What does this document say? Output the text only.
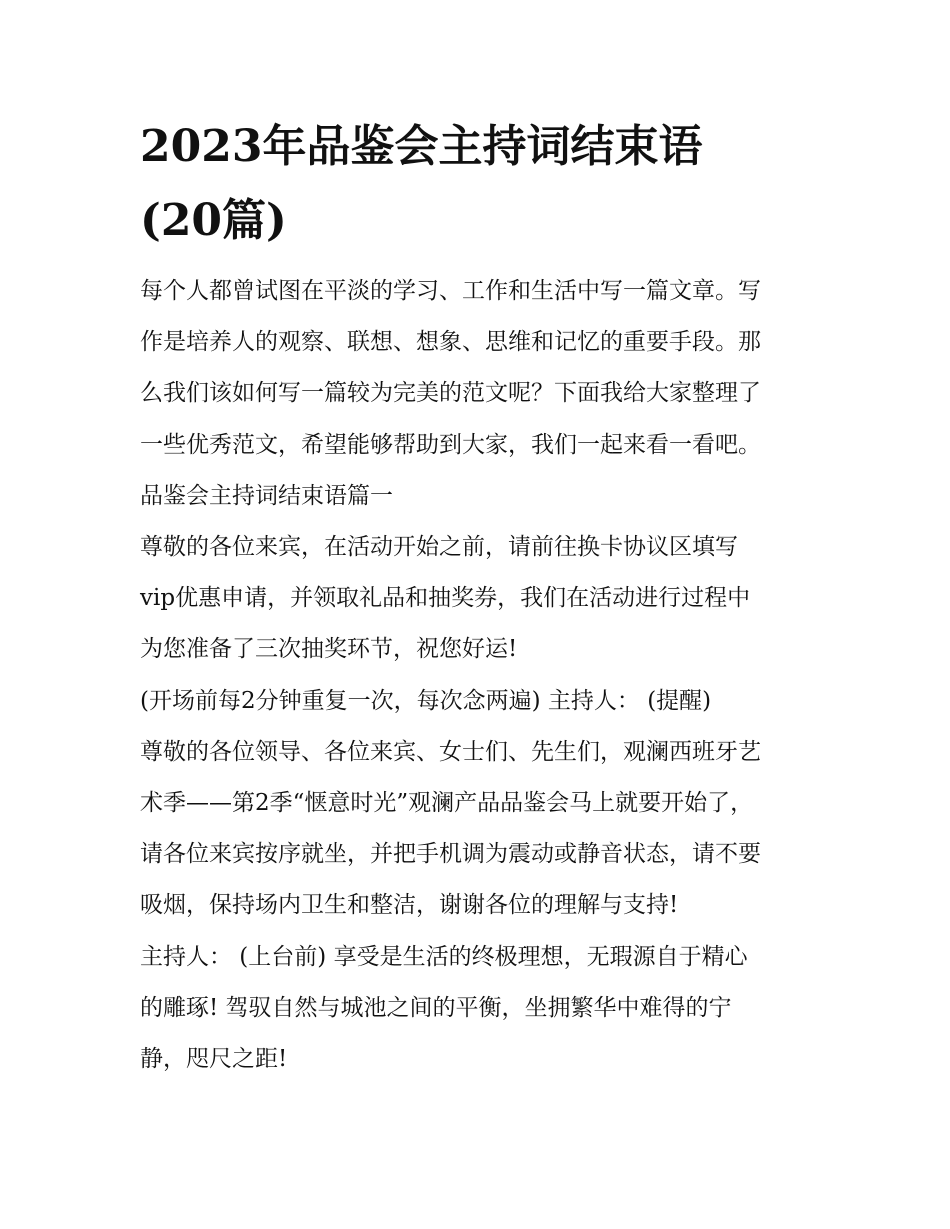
2023年品鉴会主持词结束语
(20篇)
每个人都曾试图在平淡的学习、工作和生活中写一篇文章。写
作是培养人的观察、联想、想象、思维和记忆的重要手段。那
么我们该如何写一篇较为完美的范文呢？下面我给大家整理了
一些优秀范文，希望能够帮助到大家，我们一起来看一看吧。
品鉴会主持词结束语篇一
尊敬的各位来宾，在活动开始之前，请前往换卡协议区填写
vip优惠申请，并领取礼品和抽奖券，我们在活动进行过程中
为您准备了三次抽奖环节，祝您好运!
(开场前每2分钟重复一次，每次念两遍) 主持人： (提醒)
尊敬的各位领导、各位来宾、女士们、先生们，观澜西班牙艺
术季——第2季“惬意时光”观澜产品品鉴会马上就要开始了，
请各位来宾按序就坐，并把手机调为震动或静音状态，请不要
吸烟，保持场内卫生和整洁，谢谢各位的理解与支持!
主持人： (上台前) 享受是生活的终极理想，无瑕源自于精心
的雕琢! 驾驭自然与城池之间的平衡，坐拥繁华中难得的宁
静，咫尺之距!
